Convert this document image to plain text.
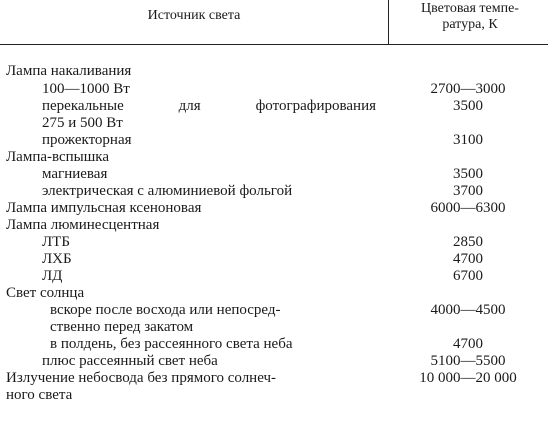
Источник света	Цветовая темпе-
ратура, К
Лампа накаливания
100—1000 Вт	2700—3000
перекальные для фотографирования	3500
275 и 500 Вт
прожекторная	3100
Лампа-вспышка
магниевая	3500
электрическая с алюминиевой фольгой	3700
Лампа импульсная ксеноновая	6000—6300
Лампа люминесцентная
ЛТБ	2850
ЛХБ	4700
ЛД	6700
Свет солнца
вскоре после восхода или непосред-	4000—4500
ственно перед закатом
в полдень, без рассеянного света неба	4700
плюс рассеянный свет неба	5100—5500
Излучение небосвода без прямого солнеч-	10 000—20 000
ного света
